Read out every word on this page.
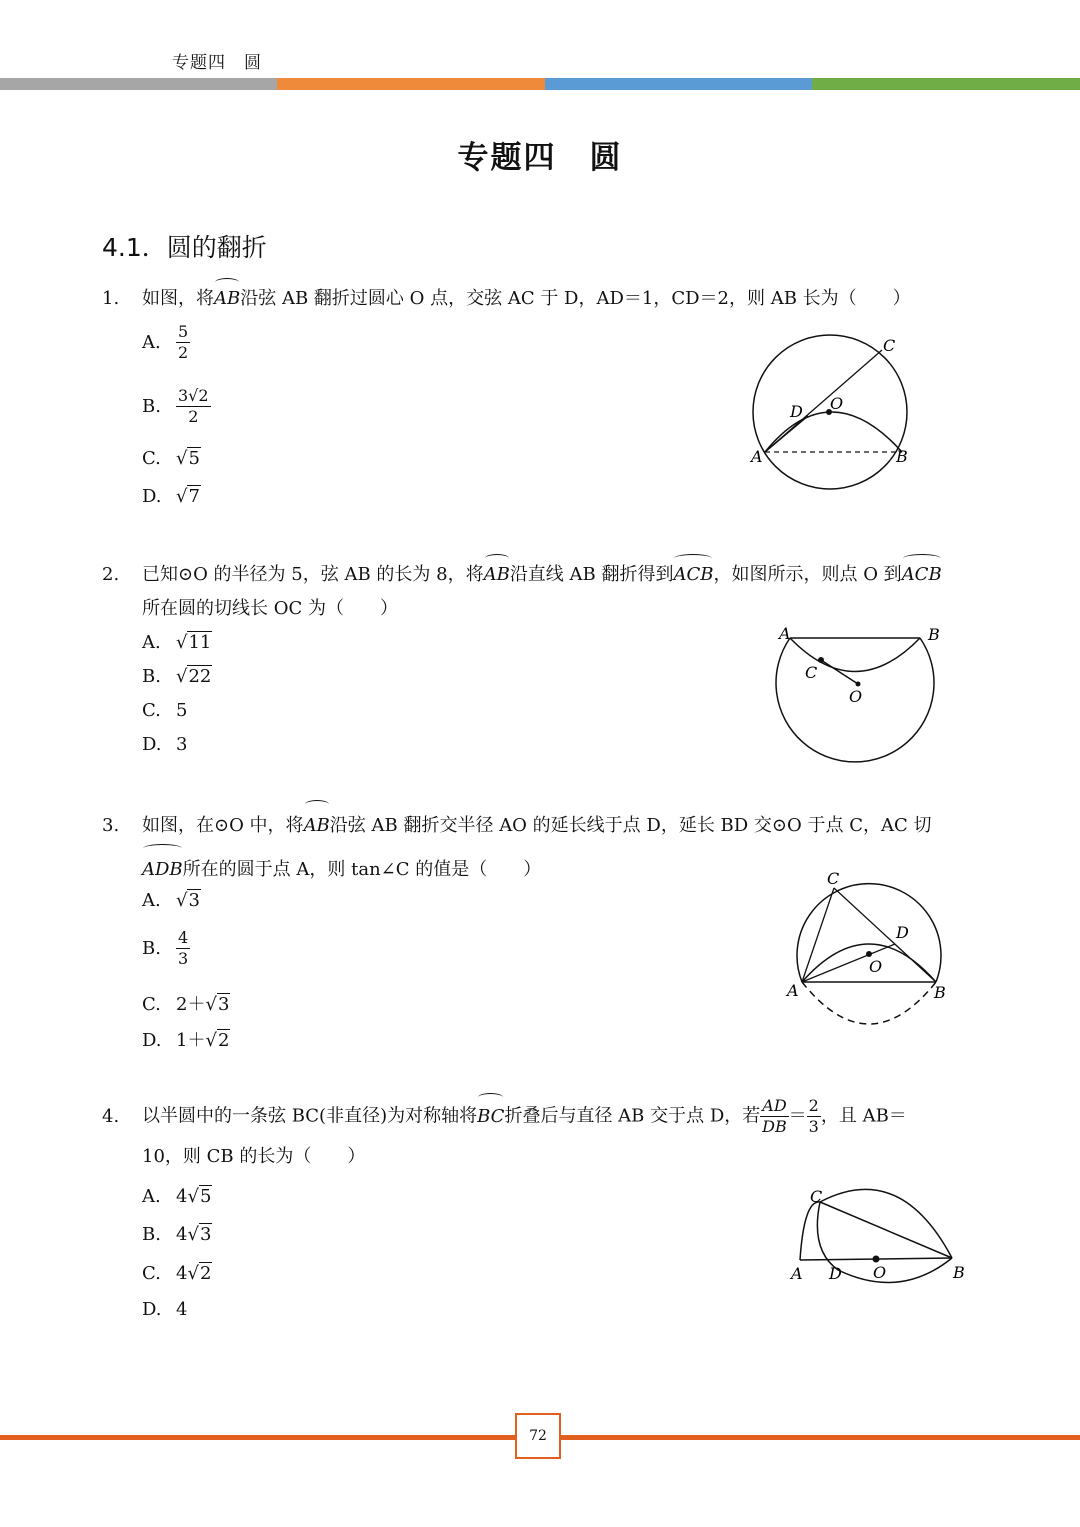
专题四　圆
专题四　圆
4.1．圆的翻折
1. 如图，将AB沿弦 AB 翻折过圆心 O 点，交弦 AC 于 D，AD＝1，CD＝2，则 AB 长为（　　）
A. $\frac{5}{2}$
B. $\frac{3√2}{2}$
C. √5
D. √7
C
D O
A	B
2. 已知⊙O 的半径为 5，弦 AB 的长为 8，将AB沿直线 AB 翻折得到ACB，如图所示，则点 O 到ACB
所在圆的切线长 OC 为（　　）
A. √11
B. √22
C. 5
D. 3
A	B
C
O
3. 如图，在⊙O 中，将AB沿弦 AB 翻折交半径 AO 的延长线于点 D，延长 BD 交⊙O 于点 C，AC 切
ADB所在的圆于点 A，则 tan∠C 的值是（　　）
A. √3
B. $\frac{4}{3}$
C. 2＋√3
D. 1＋√2
C
D
O
A	B
4. 以半圆中的一条弦 BC(非直径)为对称轴将BC折叠后与直径 AB 交于点 D，若 $\frac{AD}{DB} = \frac{2}{3}$ ，且 AB＝
10，则 CB 的长为（　　）
A. 4√5
B. 4√3
C. 4√2
D. 4
C
A D O	B
72
